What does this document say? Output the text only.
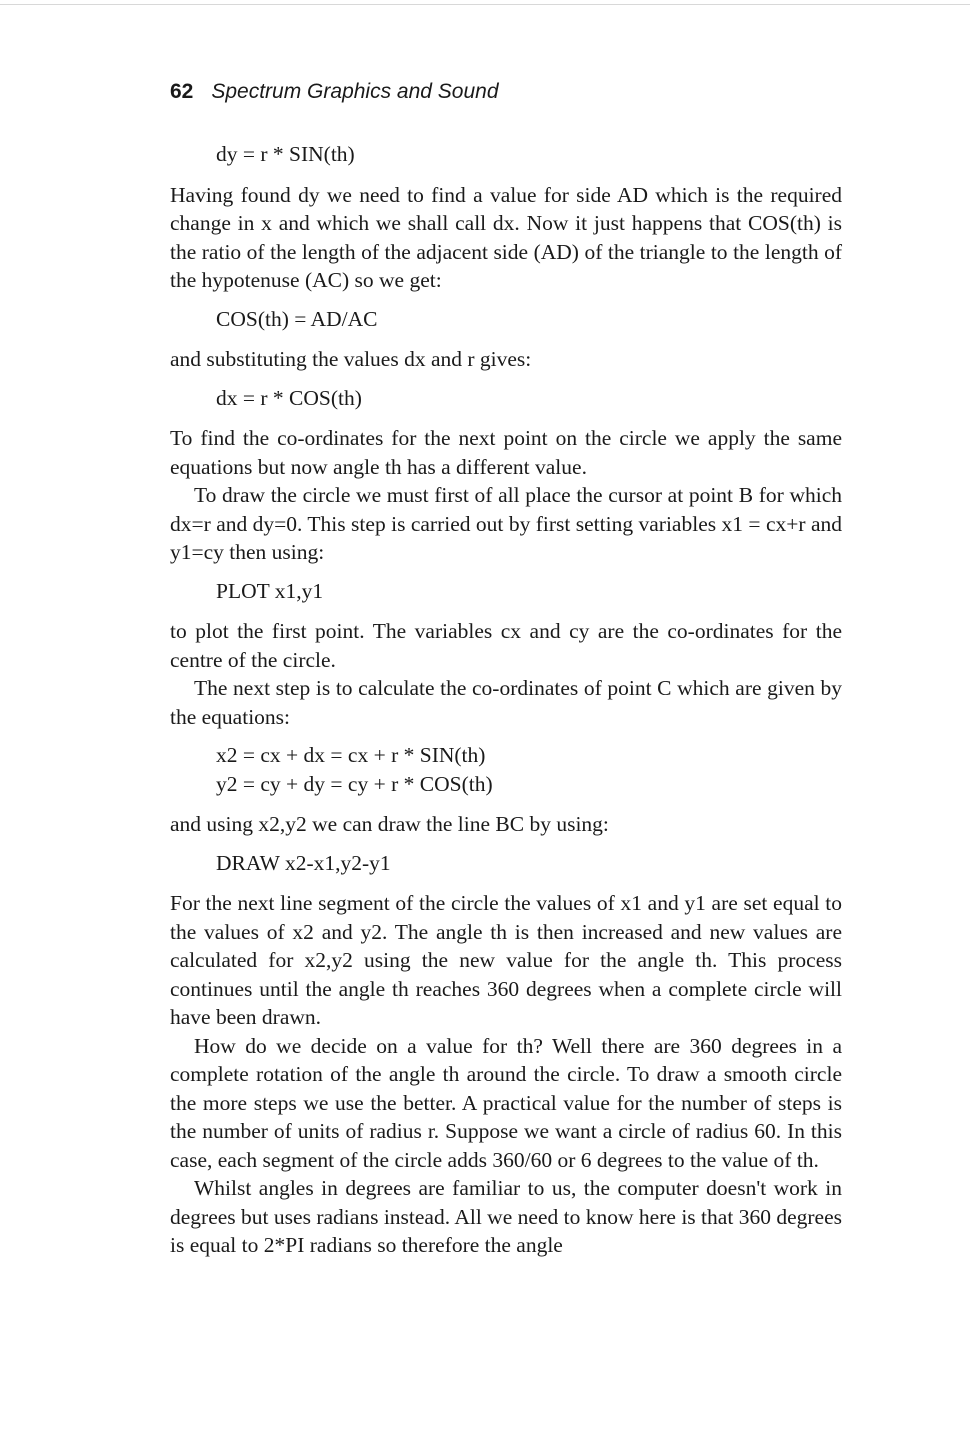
62 Spectrum Graphics and Sound
dy = r * SIN(th)

Having found dy we need to find a value for side AD which is the required change in x and which we shall call dx. Now it just happens that COS(th) is the ratio of the length of the adjacent side (AD) of the triangle to the length of the hypotenuse (AC) so we get:

COS(th) = AD/AC

and substituting the values dx and r gives:

dx = r * COS(th)

To find the co-ordinates for the next point on the circle we apply the same equations but now angle th has a different value.

To draw the circle we must first of all place the cursor at point B for which dx=r and dy=0. This step is carried out by first setting variables x1 = cx+r and y1=cy then using:

PLOT x1,y1

to plot the first point. The variables cx and cy are the co-ordinates for the centre of the circle.

The next step is to calculate the co-ordinates of point C which are given by the equations:

x2 = cx + dx = cx + r * SIN(th)
y2 = cy + dy = cy + r * COS(th)

and using x2,y2 we can draw the line BC by using:

DRAW x2-x1,y2-y1

For the next line segment of the circle the values of x1 and y1 are set equal to the values of x2 and y2. The angle th is then increased and new values are calculated for x2,y2 using the new value for the angle th. This process continues until the angle th reaches 360 degrees when a complete circle will have been drawn.

How do we decide on a value for th? Well there are 360 degrees in a complete rotation of the angle th around the circle. To draw a smooth circle the more steps we use the better. A practical value for the number of steps is the number of units of radius r. Suppose we want a circle of radius 60. In this case, each segment of the circle adds 360/60 or 6 degrees to the value of th.

Whilst angles in degrees are familiar to us, the computer doesn't work in degrees but uses radians instead. All we need to know here is that 360 degrees is equal to 2*PI radians so therefore the angle
